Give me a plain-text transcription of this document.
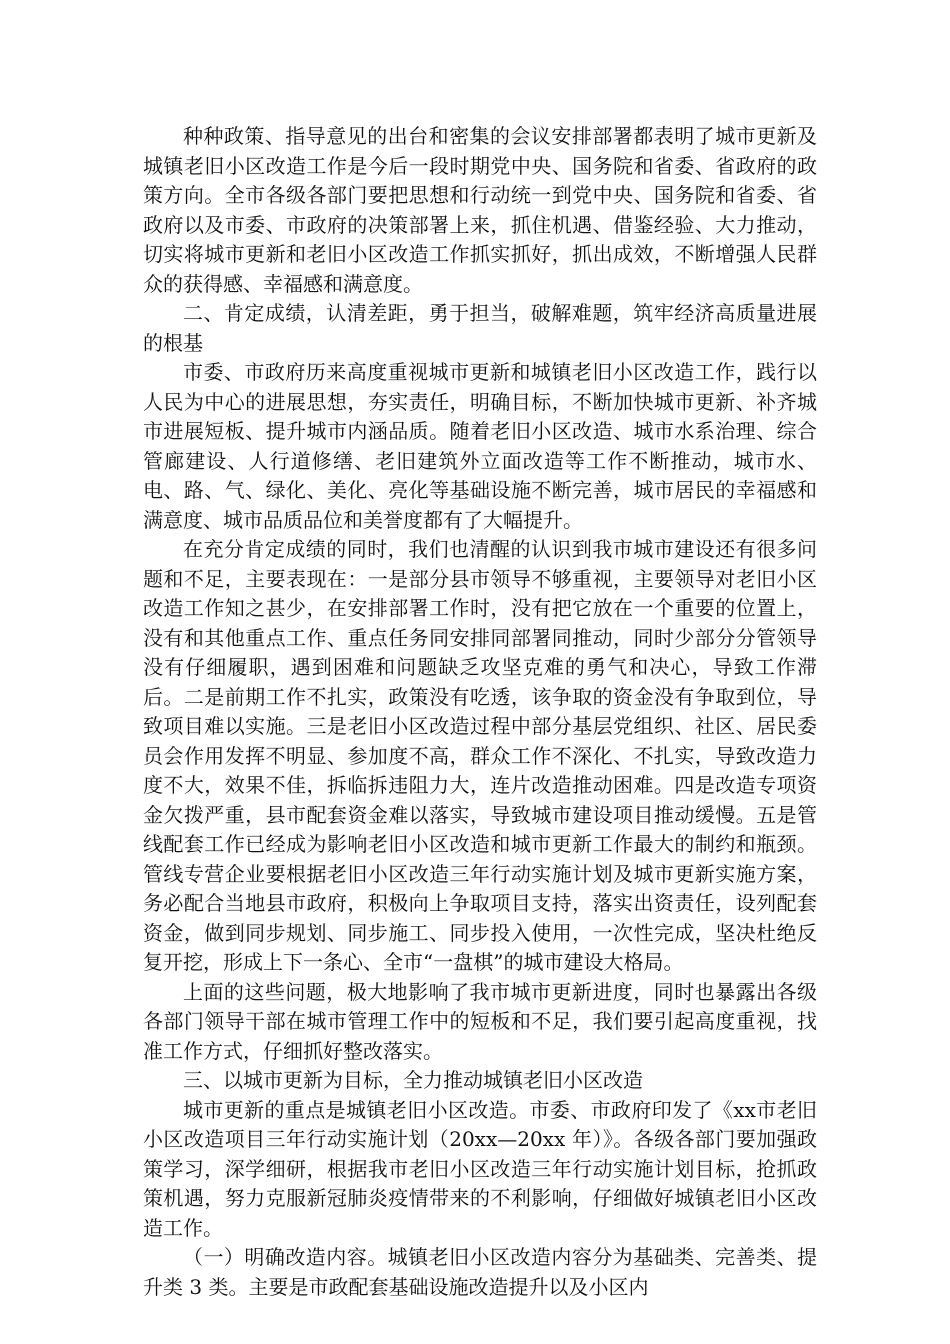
种种政策、指导意见的出台和密集的会议安排部署都表明了城市更新及城镇老旧小区改造工作是今后一段时期党中央、国务院和省委、省政府的政策方向。全市各级各部门要把思想和行动统一到党中央、国务院和省委、省政府以及市委、市政府的决策部署上来，抓住机遇、借鉴经验、大力推动，切实将城市更新和老旧小区改造工作抓实抓好，抓出成效，不断增强人民群众的获得感、幸福感和满意度。

二、肯定成绩，认清差距，勇于担当，破解难题，筑牢经济高质量进展的根基

市委、市政府历来高度重视城市更新和城镇老旧小区改造工作，践行以人民为中心的进展思想，夯实责任，明确目标，不断加快城市更新、补齐城市进展短板、提升城市内涵品质。随着老旧小区改造、城市水系治理、综合管廊建设、人行道修缮、老旧建筑外立面改造等工作不断推动，城市水、电、路、气、绿化、美化、亮化等基础设施不断完善，城市居民的幸福感和满意度、城市品质品位和美誉度都有了大幅提升。

在充分肯定成绩的同时，我们也清醒的认识到我市城市建设还有很多问题和不足，主要表现在：一是部分县市领导不够重视，主要领导对老旧小区改造工作知之甚少，在安排部署工作时，没有把它放在一个重要的位置上，没有和其他重点工作、重点任务同安排同部署同推动，同时少部分分管领导没有仔细履职，遇到困难和问题缺乏攻坚克难的勇气和决心，导致工作滞后。二是前期工作不扎实，政策没有吃透，该争取的资金没有争取到位，导致项目难以实施。三是老旧小区改造过程中部分基层党组织、社区、居民委员会作用发挥不明显、参加度不高，群众工作不深化、不扎实，导致改造力度不大，效果不佳，拆临拆违阻力大，连片改造推动困难。四是改造专项资金欠拨严重，县市配套资金难以落实，导致城市建设项目推动缓慢。五是管线配套工作已经成为影响老旧小区改造和城市更新工作最大的制约和瓶颈。管线专营企业要根据老旧小区改造三年行动实施计划及城市更新实施方案，务必配合当地县市政府，积极向上争取项目支持，落实出资责任，设列配套资金，做到同步规划、同步施工、同步投入使用，一次性完成，坚决杜绝反复开挖，形成上下一条心、全市“一盘棋”的城市建设大格局。

上面的这些问题，极大地影响了我市城市更新进度，同时也暴露出各级各部门领导干部在城市管理工作中的短板和不足，我们要引起高度重视，找准工作方式，仔细抓好整改落实。

三、以城市更新为目标，全力推动城镇老旧小区改造

城市更新的重点是城镇老旧小区改造。市委、市政府印发了《xx市老旧小区改造项目三年行动实施计划（20xx—20xx 年）》。各级各部门要加强政策学习，深学细研，根据我市老旧小区改造三年行动实施计划目标，抢抓政策机遇，努力克服新冠肺炎疫情带来的不利影响，仔细做好城镇老旧小区改造工作。

（一）明确改造内容。城镇老旧小区改造内容分为基础类、完善类、提升类 3 类。主要是市政配套基础设施改造提升以及小区内
